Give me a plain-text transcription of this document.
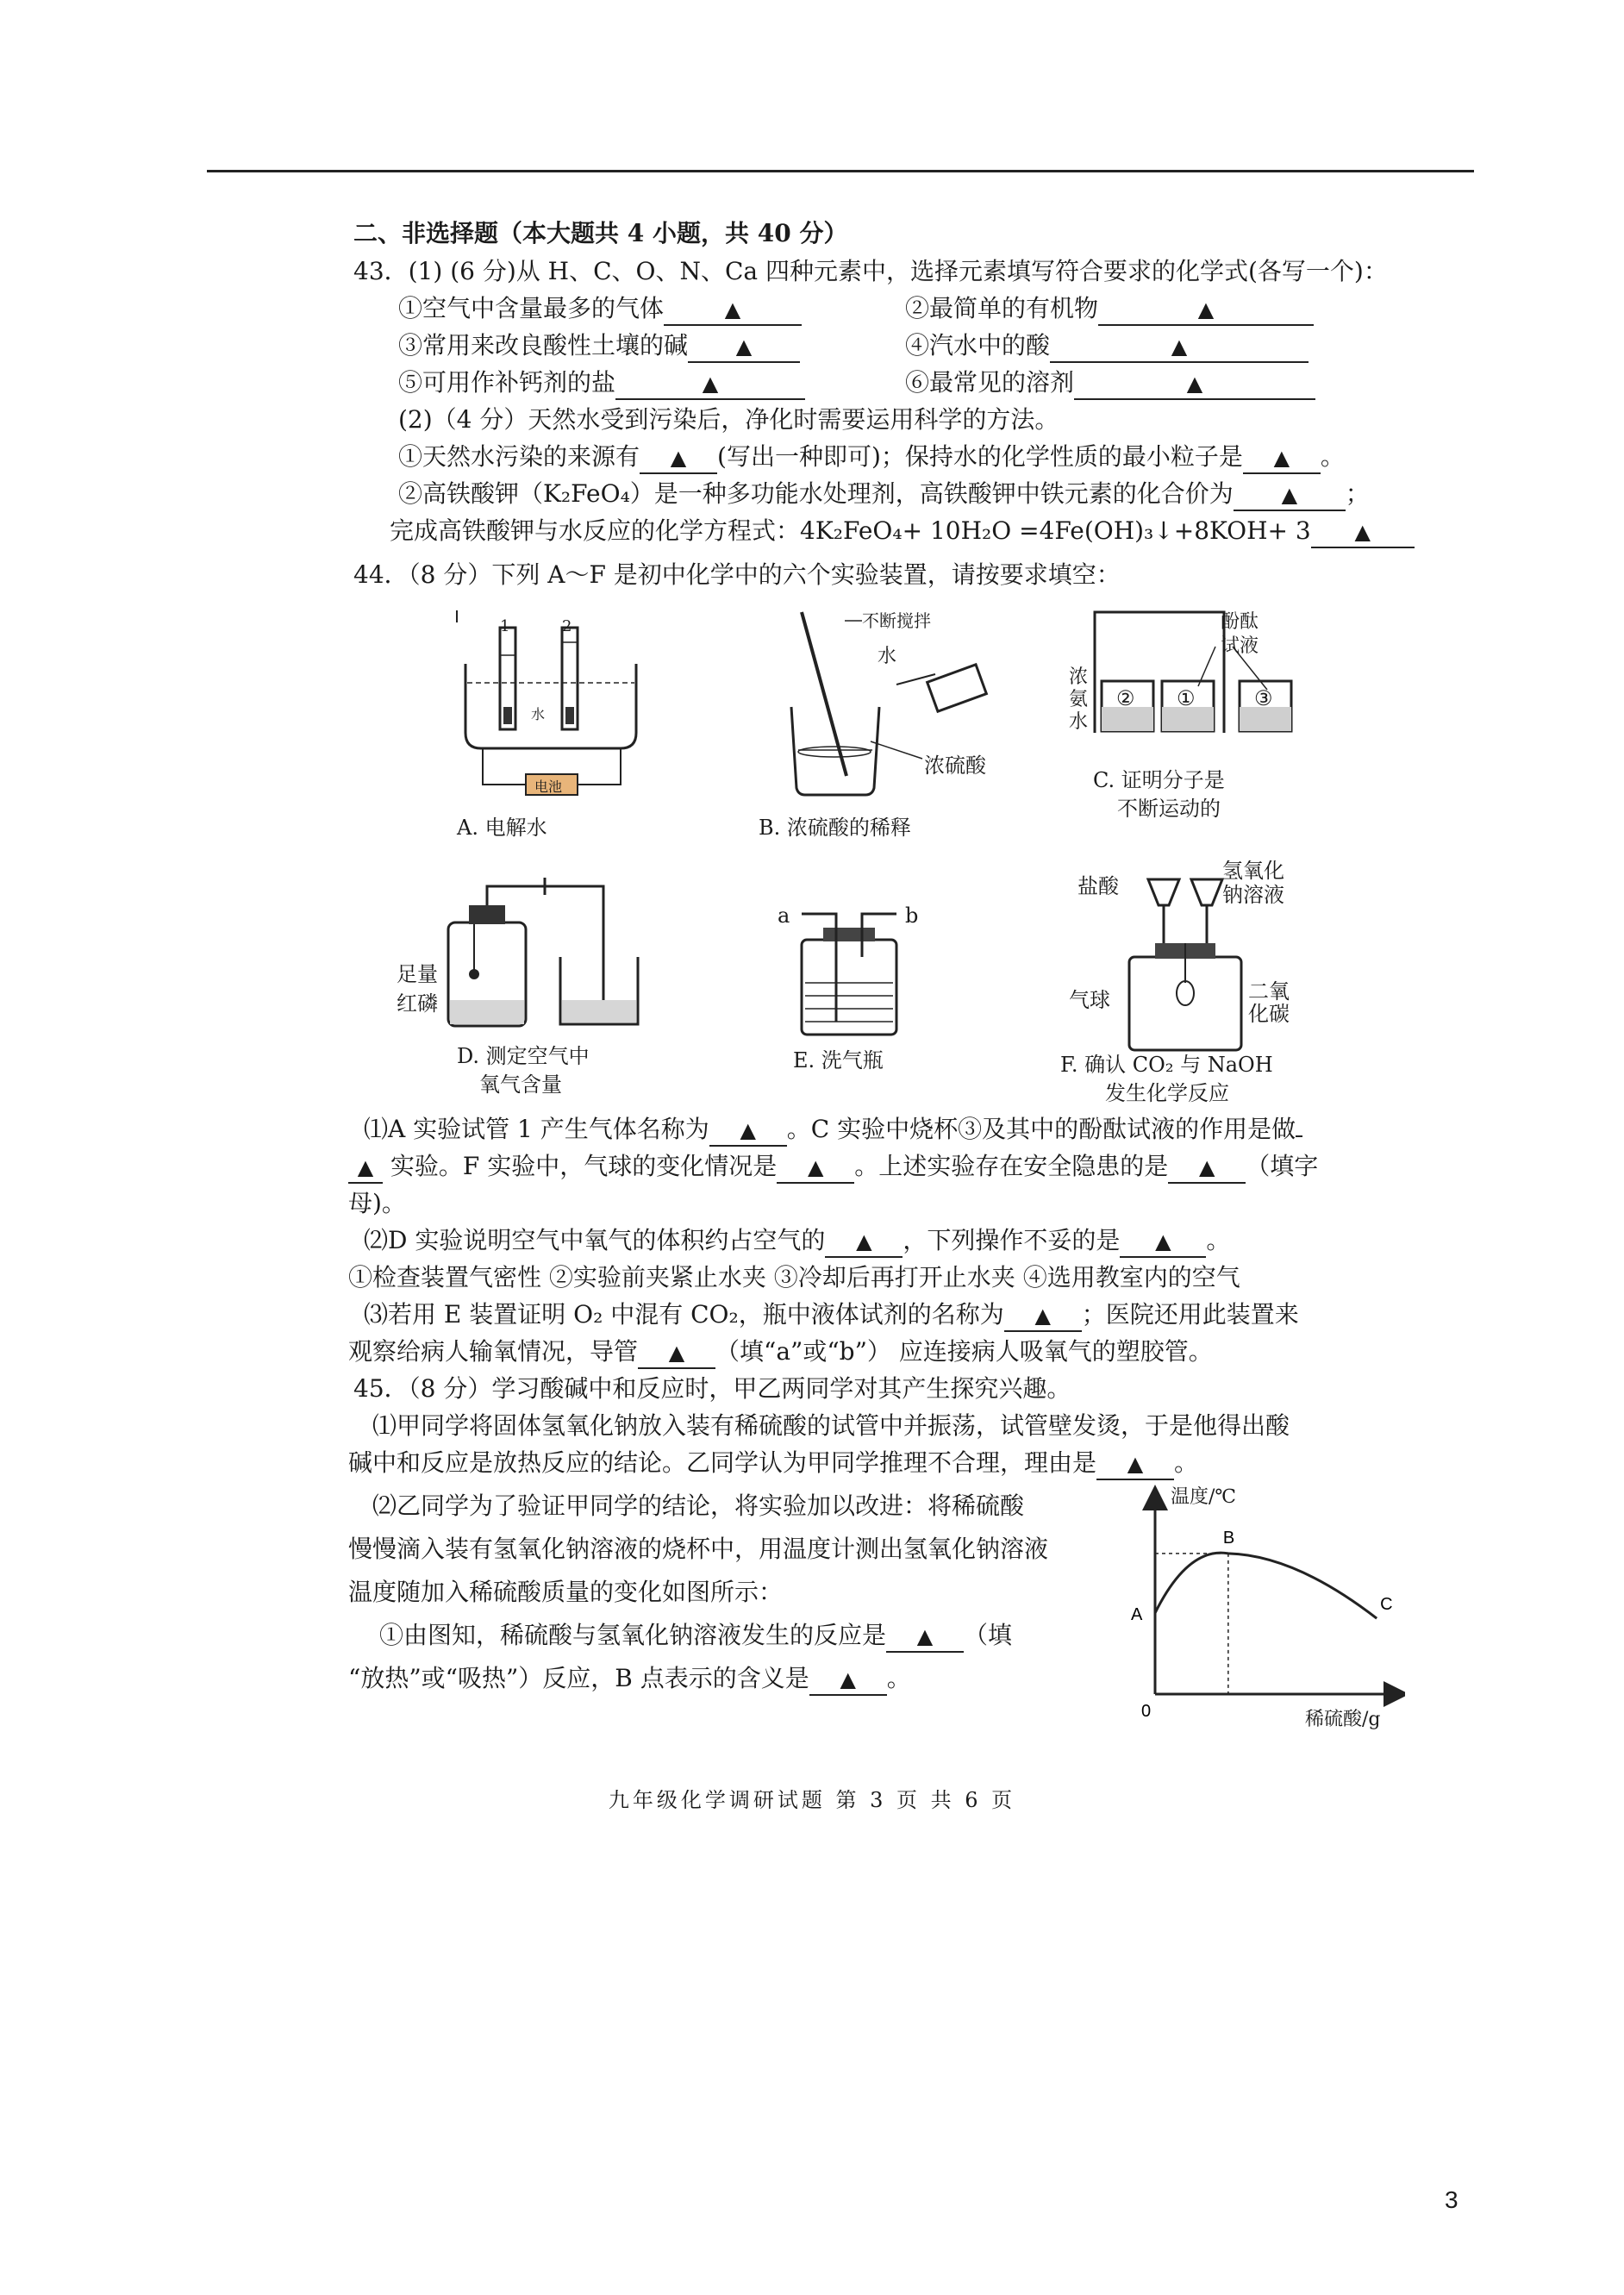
二、非选择题（本大题共 4 小题，共 40 分）
43．(1) (6 分)从 H、C、O、N、Ca 四种元素中，选择元素填写符合要求的化学式(各写一个)：
①空气中含量最多的气体	▲	②最简单的有机物	▲
③常用来改良酸性土壤的碱 ▲	④汽水中的酸	▲
⑤可用作补钙剂的盐	▲	⑥最常见的溶剂	▲
(2)（4 分）天然水受到污染后，净化时需要运用科学的方法。
①天然水污染的来源有 ▲ (写出一种即可)；保持水的化学性质的最小粒子是 ▲ 。
②高铁酸钾（K₂FeO₄）是一种多功能水处理剂，高铁酸钾中铁元素的化合价为 ▲ ；
完成高铁酸钾与水反应的化学方程式：4K₂FeO₄+ 10H₂O =4Fe(OH)₃↓+8KOH+ 3 ▲
44．（8 分）下列 A～F 是初中化学中的六个实验装置，请按要求填空：
1	2
水
电池
A. 电解水
不断搅拌
水
浓硫酸
B. 浓硫酸的稀释
酚酞
试液
浓
氨
水
② ①	③
C. 证明分子是
不断运动的
足量
红磷
D. 测定空气中
氧气含量
a	b
E. 洗气瓶
盐酸
氢氧化
钠溶液
气球	二氧
化碳
F. 确认 CO₂ 与 NaOH
发生化学反应
⑴A 实验试管 1 产生气体名称为 ▲ 。C 实验中烧杯③及其中的酚酞试液的作用是做
▲ 实验。F 实验中，气球的变化情况是 ▲ 。上述实验存在安全隐患的是 ▲ （填字
母)。
⑵D 实验说明空气中氧气的体积约占空气的 ▲ ，下列操作不妥的是 ▲ 。
①检查装置气密性 ②实验前夹紧止水夹 ③冷却后再打开止水夹 ④选用教室内的空气
⑶若用 E 装置证明 O₂ 中混有 CO₂，瓶中液体试剂的名称为 ▲ ；医院还用此装置来
观察给病人输氧情况，导管 ▲ （填“a”或“b”） 应连接病人吸氧气的塑胶管。
45．（8 分）学习酸碱中和反应时，甲乙两同学对其产生探究兴趣。
⑴甲同学将固体氢氧化钠放入装有稀硫酸的试管中并振荡，试管壁发烫，于是他得出酸
碱中和反应是放热反应的结论。乙同学认为甲同学推理不合理，理由是 ▲ 。
⑵乙同学为了验证甲同学的结论，将实验加以改进：将稀硫酸
慢慢滴入装有氢氧化钠溶液的烧杯中，用温度计测出氢氧化钠溶液
温度随加入稀硫酸质量的变化如图所示：
①由图知，稀硫酸与氢氧化钠溶液发生的反应是 ▲ （填
“放热”或“吸热”）反应，B 点表示的含义是 ▲ 。
A
B
C
0
温度/℃
稀硫酸/g
九年级化学调研试题 第 3 页 共 6 页
3
